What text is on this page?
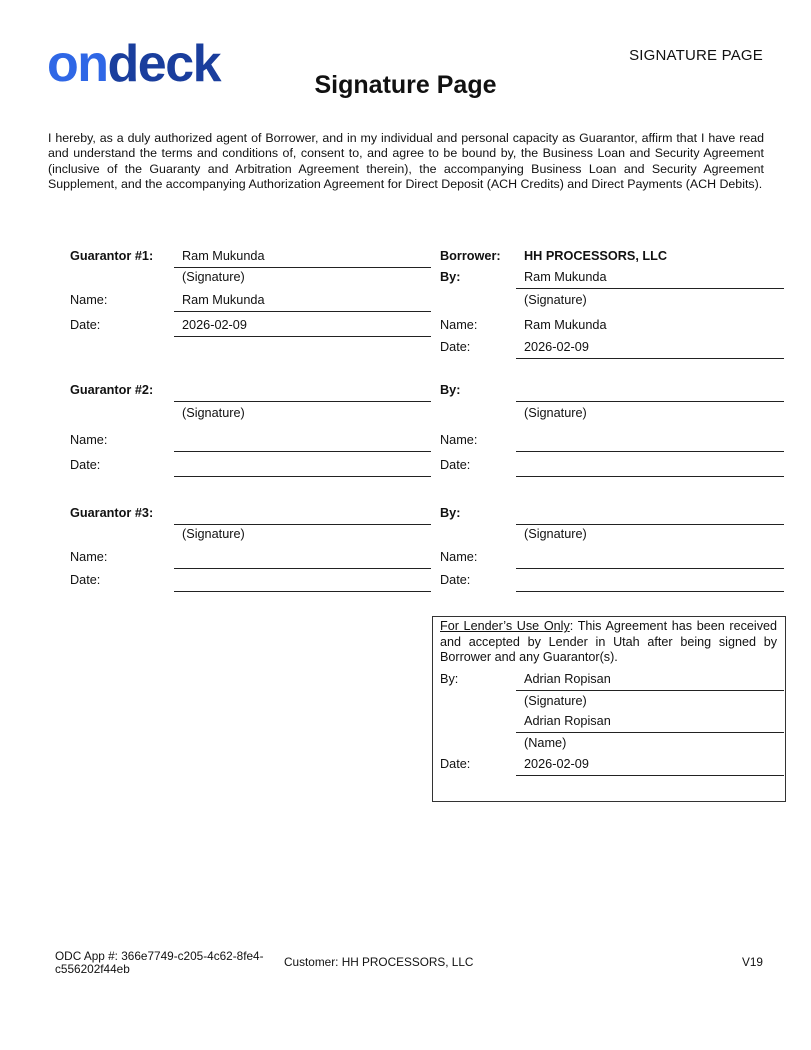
ondeck	SIGNATURE PAGE
Signature Page
I hereby, as a duly authorized agent of Borrower, and in my individual and personal capacity as Guarantor, affirm that I have read and understand the terms and conditions of, consent to, and agree to be bound by, the Business Loan and Security Agreement (inclusive of the Guaranty and Arbitration Agreement therein), the accompanying Business Loan and Security Agreement Supplement, and the accompanying Authorization Agreement for Direct Deposit (ACH Credits) and Direct Payments (ACH Debits).
Guarantor #1: Ram Mukunda
(Signature)
Name:	Ram Mukunda
Date:	2026-02-09
Borrower: HH PROCESSORS, LLC
By:	Ram Mukunda
(Signature)
Name:	Ram Mukunda
Date:	2026-02-09
Guarantor #2:
(Signature)
Name:
Date:
By:
(Signature)
Name:
Date:
Guarantor #3:
(Signature)
Name:
Date:
By:
(Signature)
Name:
Date:
For Lender’s Use Only: This Agreement has been received and accepted by Lender in Utah after being signed by Borrower and any Guarantor(s).
By:	Adrian Ropisan
(Signature)
Adrian Ropisan
(Name)
Date:	2026-02-09
ODC App #: 366e7749-c205-4c62-8fe4-c556202f44eb	Customer: HH PROCESSORS, LLC	V19
